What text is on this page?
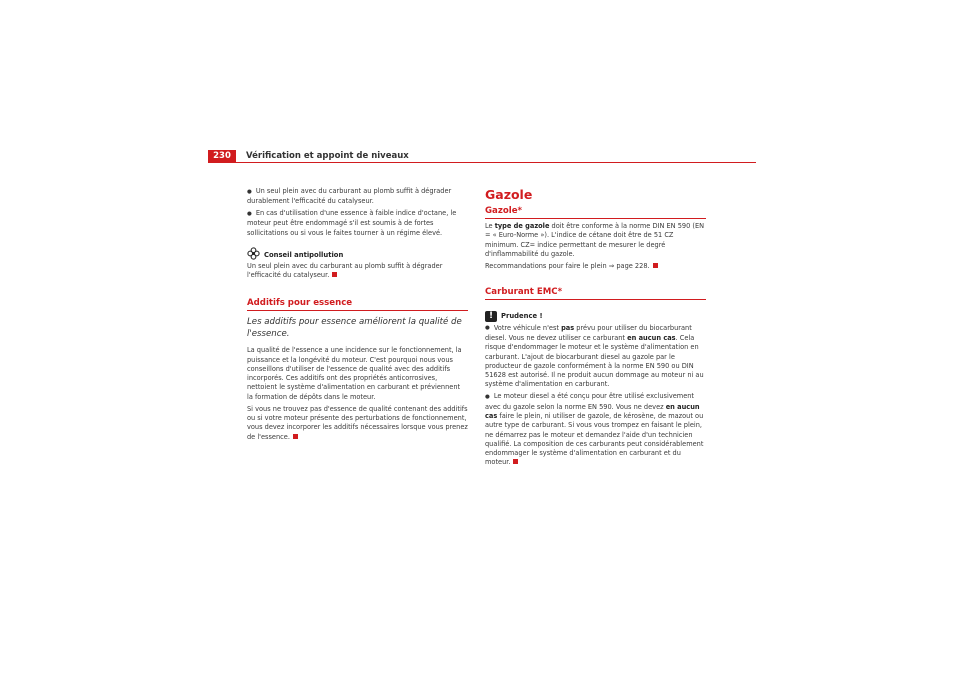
230	Vérification et appoint de niveaux

● Un seul plein avec du carburant au plomb suffit à dégrader durablement l'efficacité du catalyseur.

● En cas d'utilisation d'une essence à faible indice d'octane, le moteur peut être endommagé s'il est soumis à de fortes sollicitations ou si vous le faites tourner à un régime élevé.

Conseil antipollution

Un seul plein avec du carburant au plomb suffit à dégrader l'efficacité du catalyseur.

Additifs pour essence
Les additifs pour essence améliorent la qualité de l'essence.

La qualité de l'essence a une incidence sur le fonctionnement, la puissance et la longévité du moteur. C'est pourquoi nous vous conseillons d'utiliser de l'essence de qualité avec des additifs incorporés. Ces additifs ont des propriétés anticorrosives, nettoient le système d'alimentation en carburant et préviennent la formation de dépôts dans le moteur.

Si vous ne trouvez pas d'essence de qualité contenant des additifs ou si votre moteur présente des perturbations de fonctionnement, vous devez incorporer les additifs nécessaires lorsque vous prenez de l'essence.

Gazole
Gazole*

Le type de gazole doit être conforme à la norme DIN EN 590 (EN = « Euro-Norme »). L'indice de cétane doit être de 51 CZ minimum. CZ= indice permettant de mesurer le degré d'inflammabilité du gazole.

Recommandations pour faire le plein ⇒ page 228.

Carburant EMC*
!	Prudence !

● Votre véhicule n'est pas prévu pour utiliser du biocarburant diesel. Vous ne devez utiliser ce carburant en aucun cas. Cela risque d'endommager le moteur et le système d'alimentation en carburant. L'ajout de biocarburant diesel au gazole par le producteur de gazole conformément à la norme EN 590 ou DIN 51628 est autorisé. Il ne produit aucun dommage au moteur ni au système d'alimentation en carburant.

● Le moteur diesel a été conçu pour être utilisé exclusivement avec du gazole selon la norme EN 590. Vous ne devez en aucun cas faire le plein, ni utiliser de gazole, de kérosène, de mazout ou autre type de carburant. Si vous vous trompez en faisant le plein, ne démarrez pas le moteur et demandez l'aide d'un technicien qualifié. La composition de ces carburants peut considérablement endommager le système d'alimentation en carburant et du moteur.
